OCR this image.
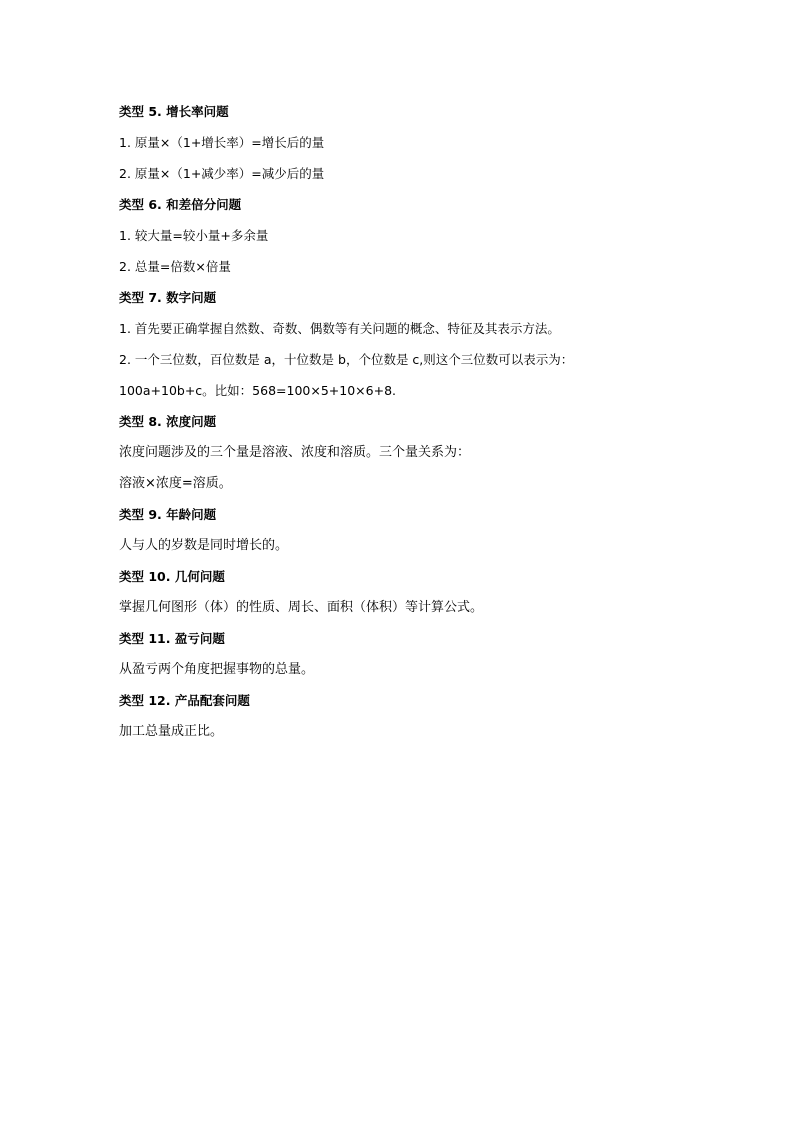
类型 5. 增长率问题
1. 原量×（1+增长率）=增长后的量
2. 原量×（1+减少率）=减少后的量
类型 6. 和差倍分问题
1. 较大量=较小量+多余量
2. 总量=倍数×倍量
类型 7. 数字问题
1. 首先要正确掌握自然数、奇数、偶数等有关问题的概念、特征及其表示方法。
2. 一个三位数，百位数是 a，十位数是 b，个位数是 c,则这个三位数可以表示为：
100a+10b+c。比如：568=100×5+10×6+8.
类型 8. 浓度问题
浓度问题涉及的三个量是溶液、浓度和溶质。三个量关系为：
溶液×浓度=溶质。
类型 9. 年龄问题
人与人的岁数是同时增长的。
类型 10. 几何问题
掌握几何图形（体）的性质、周长、面积（体积）等计算公式。
类型 11. 盈亏问题
从盈亏两个角度把握事物的总量。
类型 12. 产品配套问题
加工总量成正比。
